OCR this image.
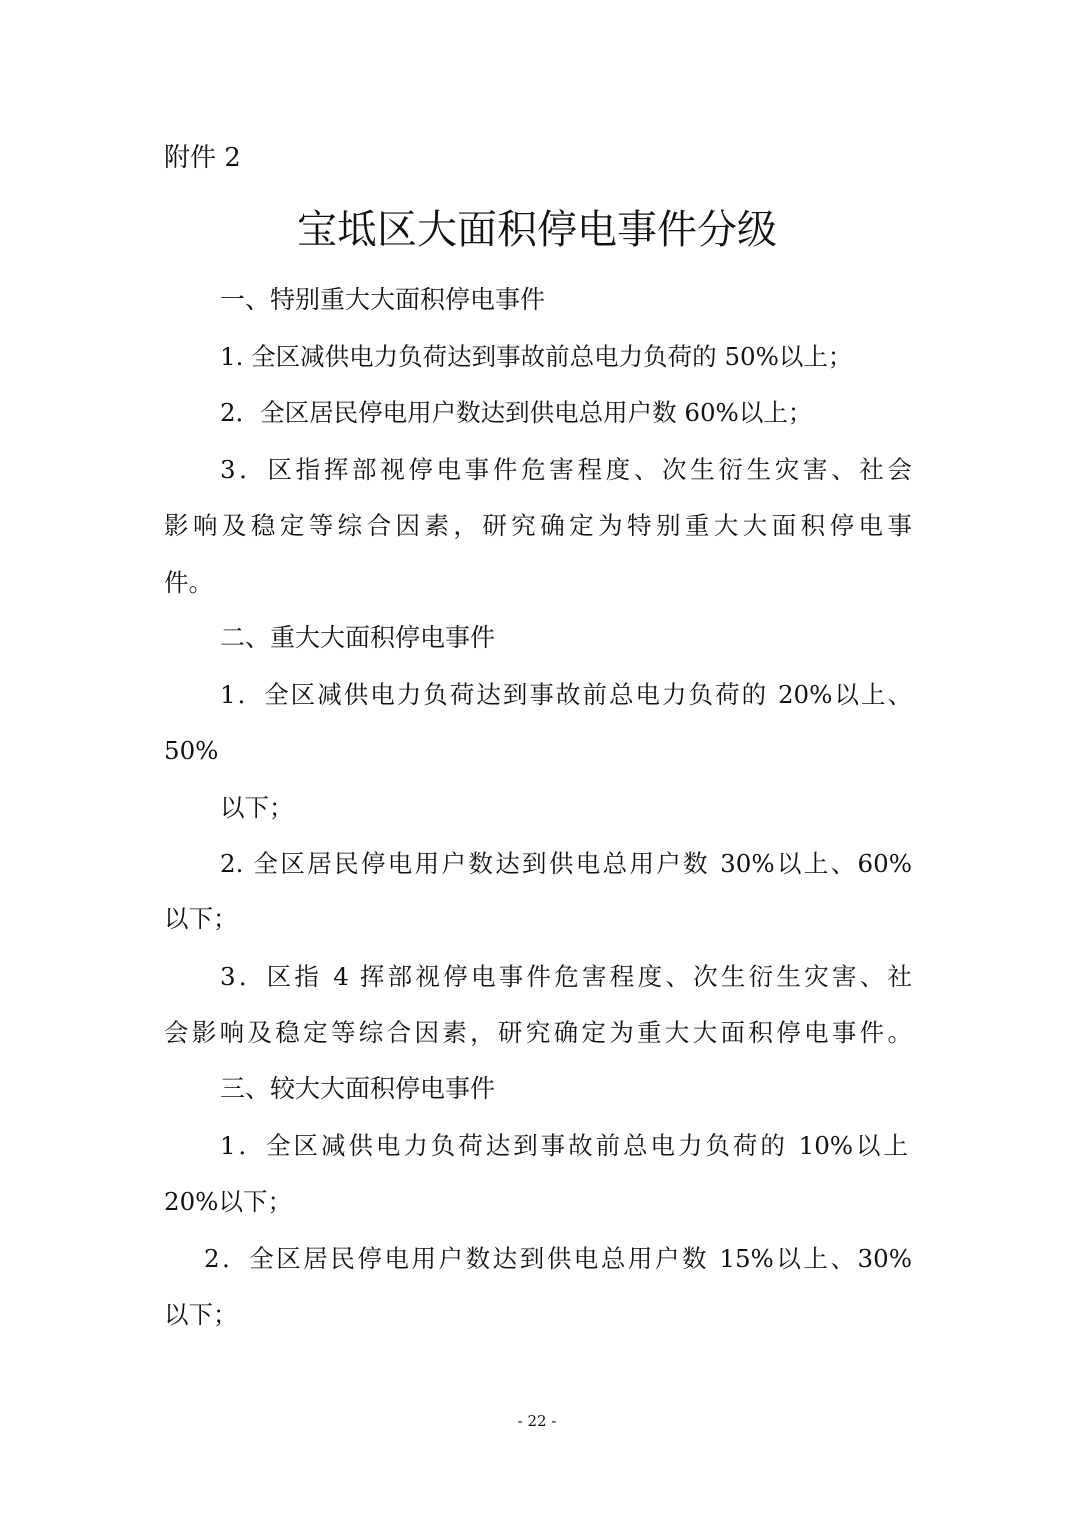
附件 2

宝坻区大面积停电事件分级
一、特别重大大面积停电事件

1. 全区减供电力负荷达到事故前总电力负荷的 50%以上；

2．全区居民停电用户数达到供电总用户数 60%以上；

3．区指挥部视停电事件危害程度、次生衍生灾害、社会

影响及稳定等综合因素，研究确定为特别重大大面积停电事

件。

二、重大大面积停电事件

1．全区减供电力负荷达到事故前总电力负荷的 20%以上、

50%

以下；

2. 全区居民停电用户数达到供电总用户数 30%以上、60%

以下；

3．区指 4 挥部视停电事件危害程度、次生衍生灾害、社

会影响及稳定等综合因素，研究确定为重大大面积停电事件。

三、较大大面积停电事件

1．全区减供电力负荷达到事故前总电力负荷的 10%以上

20%以下；

2．全区居民停电用户数达到供电总用户数 15%以上、30%

以下；

- 22 -
